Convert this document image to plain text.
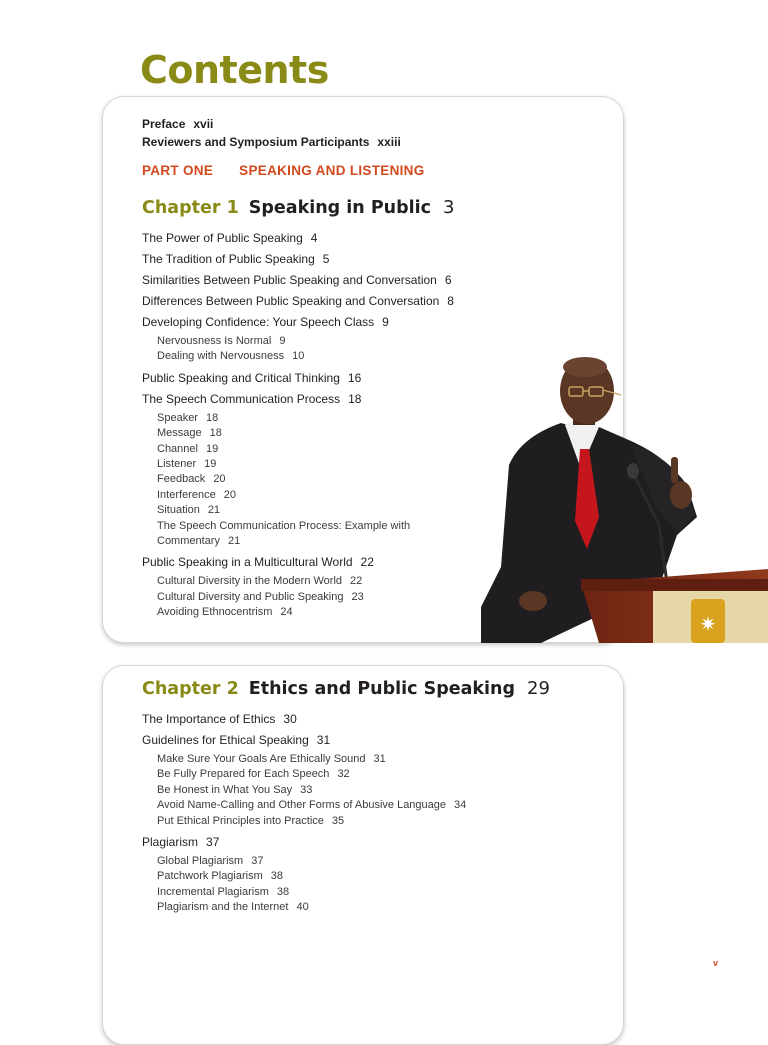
Contents
Preface xvii
Reviewers and Symposium Participants xxiii
PART ONE SPEAKING AND LISTENING
Chapter 1 Speaking in Public 3
The Power of Public Speaking 4
The Tradition of Public Speaking 5
Similarities Between Public Speaking and Conversation 6
Differences Between Public Speaking and Conversation 8
Developing Confidence: Your Speech Class 9
Nervousness Is Normal 9
Dealing with Nervousness 10
Public Speaking and Critical Thinking 16
The Speech Communication Process 18
Speaker 18
Message 18
Channel 19
Listener 19
Feedback 20
Interference 20
Situation 21
The Speech Communication Process: Example with
Commentary 21
Public Speaking in a Multicultural World 22
Cultural Diversity in the Modern World 22
Cultural Diversity and Public Speaking 23
Avoiding Ethnocentrism 24
Chapter 2 Ethics and Public Speaking 29
The Importance of Ethics 30
Guidelines for Ethical Speaking 31
Make Sure Your Goals Are Ethically Sound 31
Be Fully Prepared for Each Speech 32
Be Honest in What You Say 33
Avoid Name-Calling and Other Forms of Abusive Language 34
Put Ethical Principles into Practice 35
Plagiarism 37
Global Plagiarism 37
Patchwork Plagiarism 38
Incremental Plagiarism 38
Plagiarism and the Internet 40
✷
v
